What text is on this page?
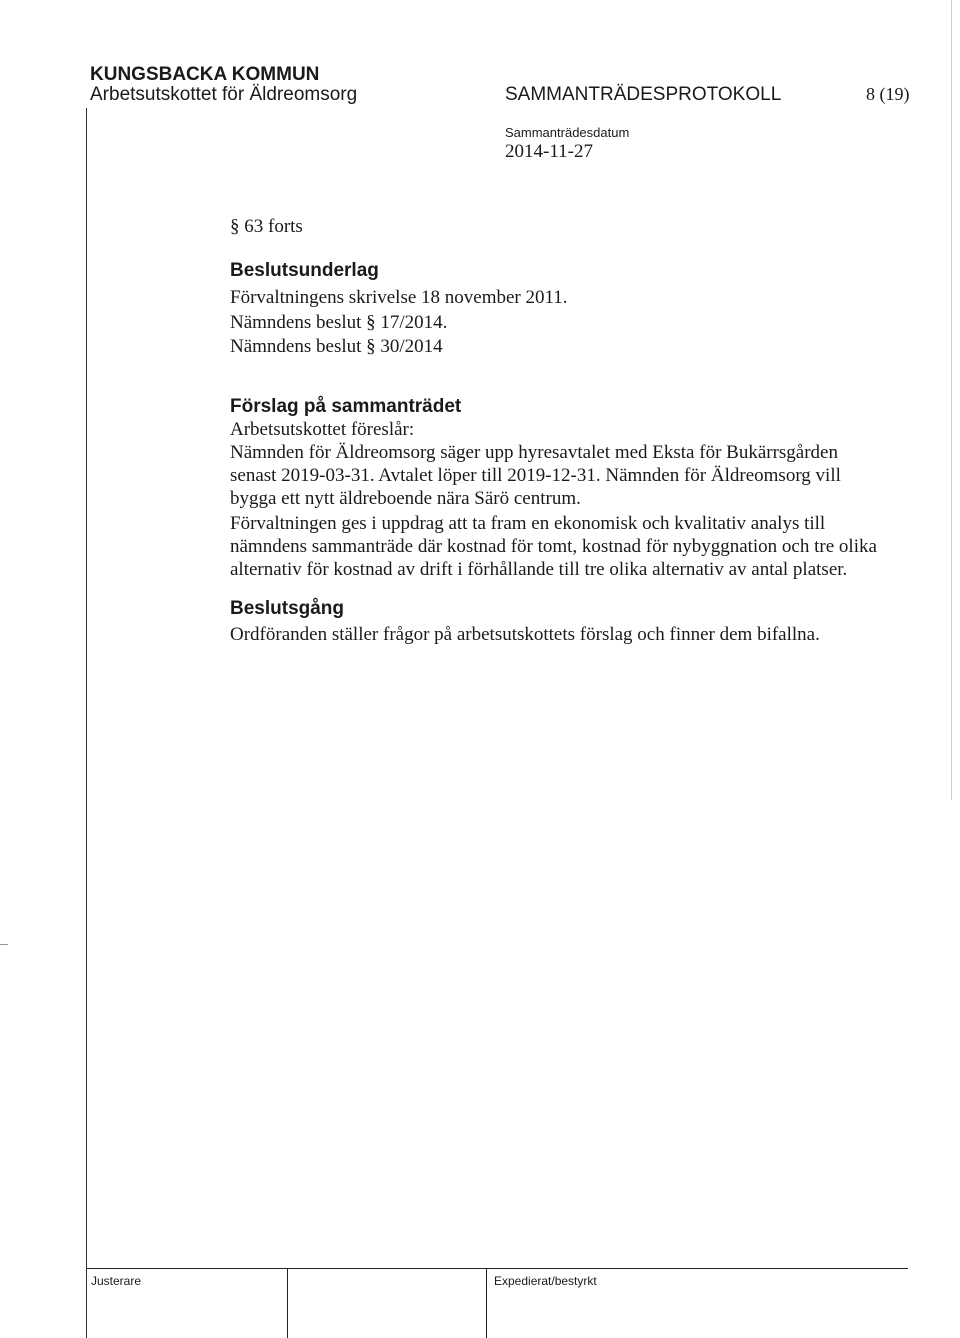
KUNGSBACKA KOMMUN
Arbetsutskottet för Äldreomsorg	SAMMANTRÄDESPROTOKOLL	8 (19)
Sammanträdesdatum
2014-11-27
§ 63 forts
Beslutsunderlag
Förvaltningens skrivelse 18 november 2011.
Nämndens beslut § 17/2014.
Nämndens beslut § 30/2014
Förslag på sammanträdet
Arbetsutskottet föreslår:
Nämnden för Äldreomsorg säger upp hyresavtalet med Eksta för Bukärrsgården
senast 2019-03-31. Avtalet löper till 2019-12-31. Nämnden för Äldreomsorg vill
bygga ett nytt äldreboende nära Särö centrum.
Förvaltningen ges i uppdrag att ta fram en ekonomisk och kvalitativ analys till
nämndens sammanträde där kostnad för tomt, kostnad för nybyggnation och tre olika
alternativ för kostnad av drift i förhållande till tre olika alternativ av antal platser.
Beslutsgång
Ordföranden ställer frågor på arbetsutskottets förslag och finner dem bifallna.
Justerare	Expedierat/bestyrkt
